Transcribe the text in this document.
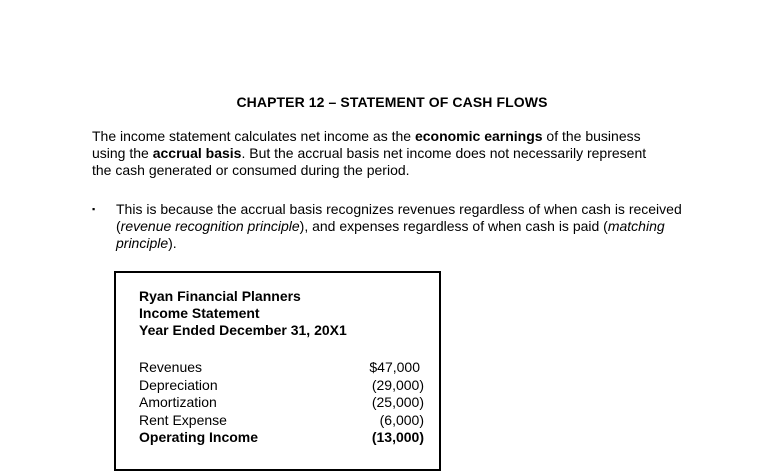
CHAPTER 12 – STATEMENT OF CASH FLOWS
The income statement calculates net income as the economic earnings of the business using the accrual basis. But the accrual basis net income does not necessarily represent the cash generated or consumed during the period.
▪	This is because the accrual basis recognizes revenues regardless of when cash is received (revenue recognition principle), and expenses regardless of when cash is paid (matching principle).
Ryan Financial Planners
Income Statement
Year Ended December 31, 20X1
Revenues	$47,000
Depreciation	(29,000)
Amortization	(25,000)
Rent Expense	(6,000)
Operating Income	(13,000)
